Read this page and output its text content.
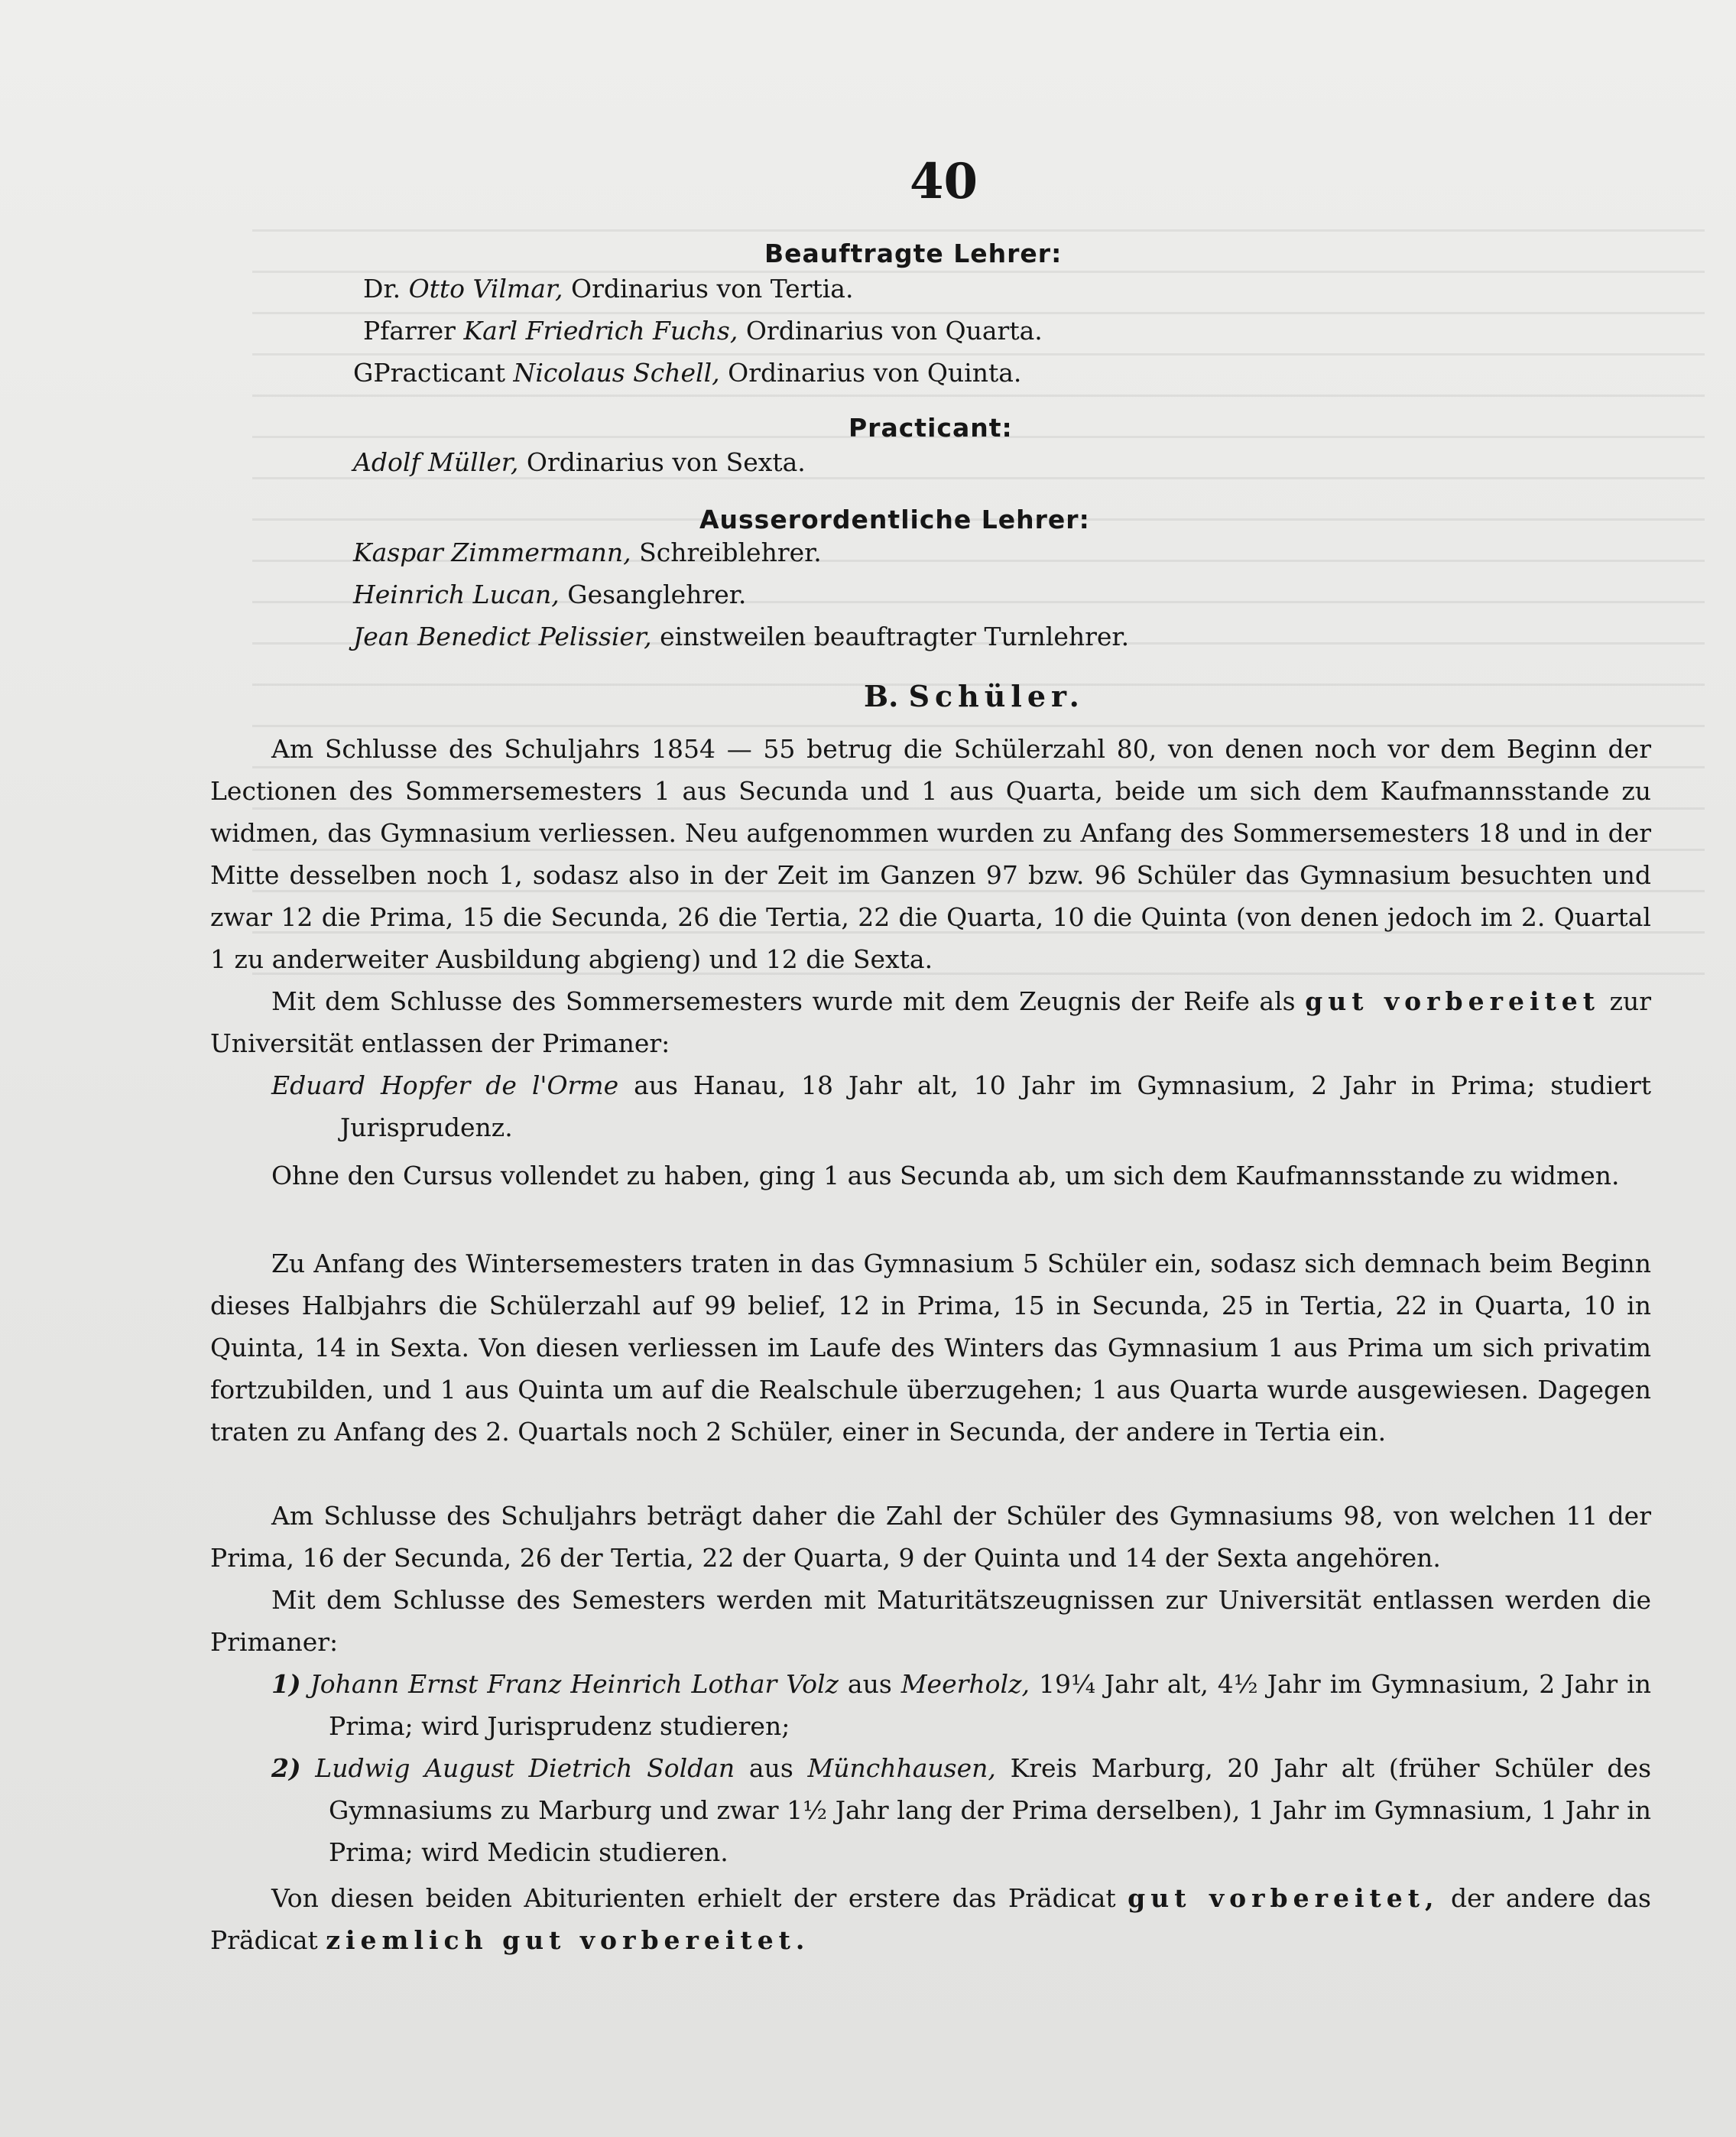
40
Beauftragte Lehrer:
Dr. Otto Vilmar, Ordinarius von Tertia.
Pfarrer Karl Friedrich Fuchs, Ordinarius von Quarta.
GPracticant Nicolaus Schell, Ordinarius von Quinta.
Practicant:
Adolf Müller, Ordinarius von Sexta.
Ausserordentliche Lehrer:
Kaspar Zimmermann, Schreiblehrer.
Heinrich Lucan, Gesanglehrer.
Jean Benedict Pelissier, einstweilen beauftragter Turnlehrer.
B. Schüler.
Am Schlusse des Schuljahrs 1854 — 55 betrug die Schülerzahl 80, von denen noch vor dem Beginn der Lectionen des Sommersemesters 1 aus Secunda und 1 aus Quarta, beide um sich dem Kaufmannsstande zu widmen, das Gymnasium verliessen. Neu aufgenommen wurden zu Anfang des Sommersemesters 18 und in der Mitte desselben noch 1, sodasz also in der Zeit im Ganzen 97 bzw. 96 Schüler das Gymnasium besuchten und zwar 12 die Prima, 15 die Secunda, 26 die Tertia, 22 die Quarta, 10 die Quinta (von denen jedoch im 2. Quartal 1 zu anderweiter Ausbildung abgieng) und 12 die Sexta.
Mit dem Schlusse des Sommersemesters wurde mit dem Zeugnis der Reife als gut vorbereitet zur Universität entlassen der Primaner:
Eduard Hopfer de l'Orme aus Hanau, 18 Jahr alt, 10 Jahr im Gymnasium, 2 Jahr in Prima; studiert Jurisprudenz.
Ohne den Cursus vollendet zu haben, ging 1 aus Secunda ab, um sich dem Kaufmannsstande zu widmen.
Zu Anfang des Wintersemesters traten in das Gymnasium 5 Schüler ein, sodasz sich demnach beim Beginn dieses Halbjahrs die Schülerzahl auf 99 belief, 12 in Prima, 15 in Secunda, 25 in Tertia, 22 in Quarta, 10 in Quinta, 14 in Sexta. Von diesen verliessen im Laufe des Winters das Gymnasium 1 aus Prima um sich privatim fortzubilden, und 1 aus Quinta um auf die Realschule überzugehen; 1 aus Quarta wurde ausgewiesen. Dagegen traten zu Anfang des 2. Quartals noch 2 Schüler, einer in Secunda, der andere in Tertia ein.
Am Schlusse des Schuljahrs beträgt daher die Zahl der Schüler des Gymnasiums 98, von welchen 11 der Prima, 16 der Secunda, 26 der Tertia, 22 der Quarta, 9 der Quinta und 14 der Sexta angehören.
Mit dem Schlusse des Semesters werden mit Maturitätszeugnissen zur Universität entlassen werden die Primaner:
1) Johann Ernst Franz Heinrich Lothar Volz aus Meerholz, 19¼ Jahr alt, 4½ Jahr im Gymnasium, 2 Jahr in Prima; wird Jurisprudenz studieren;
2) Ludwig August Dietrich Soldan aus Münchhausen, Kreis Marburg, 20 Jahr alt (früher Schüler des Gymnasiums zu Marburg und zwar 1½ Jahr lang der Prima derselben), 1 Jahr im Gymnasium, 1 Jahr in Prima; wird Medicin studieren.
Von diesen beiden Abiturienten erhielt der erstere das Prädicat gut vorbereitet, der andere das Prädicat ziemlich gut vorbereitet.
